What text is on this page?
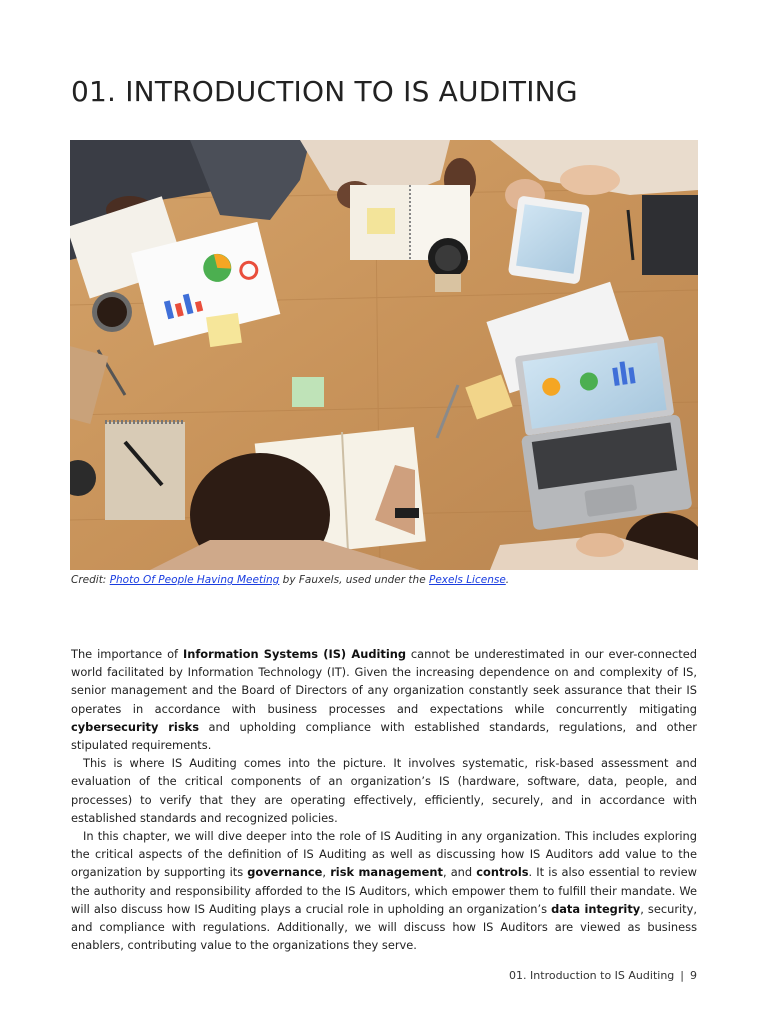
01. INTRODUCTION TO IS AUDITING
Credit: Photo Of People Having Meeting by Fauxels, used under the Pexels License.

The importance of Information Systems (IS) Auditing cannot be underestimated in our ever-connected world facilitated by Information Technology (IT). Given the increasing dependence on and complexity of IS, senior management and the Board of Directors of any organization constantly seek assurance that their IS operates in accordance with business processes and expectations while concurrently mitigating cybersecurity risks and upholding compliance with established standards, regulations, and other stipulated requirements.

This is where IS Auditing comes into the picture. It involves systematic, risk-based assessment and evaluation of the critical components of an organization’s IS (hardware, software, data, people, and processes) to verify that they are operating effectively, efficiently, securely, and in accordance with established standards and recognized policies.

In this chapter, we will dive deeper into the role of IS Auditing in any organization. This includes exploring the critical aspects of the definition of IS Auditing as well as discussing how IS Auditors add value to the organization by supporting its governance, risk management, and controls. It is also essential to review the authority and responsibility afforded to the IS Auditors, which empower them to fulfill their mandate. We will also discuss how IS Auditing plays a crucial role in upholding an organization’s data integrity, security, and compliance with regulations. Additionally, we will discuss how IS Auditors are viewed as business enablers, contributing value to the organizations they serve.

01. Introduction to IS Auditing | 9
